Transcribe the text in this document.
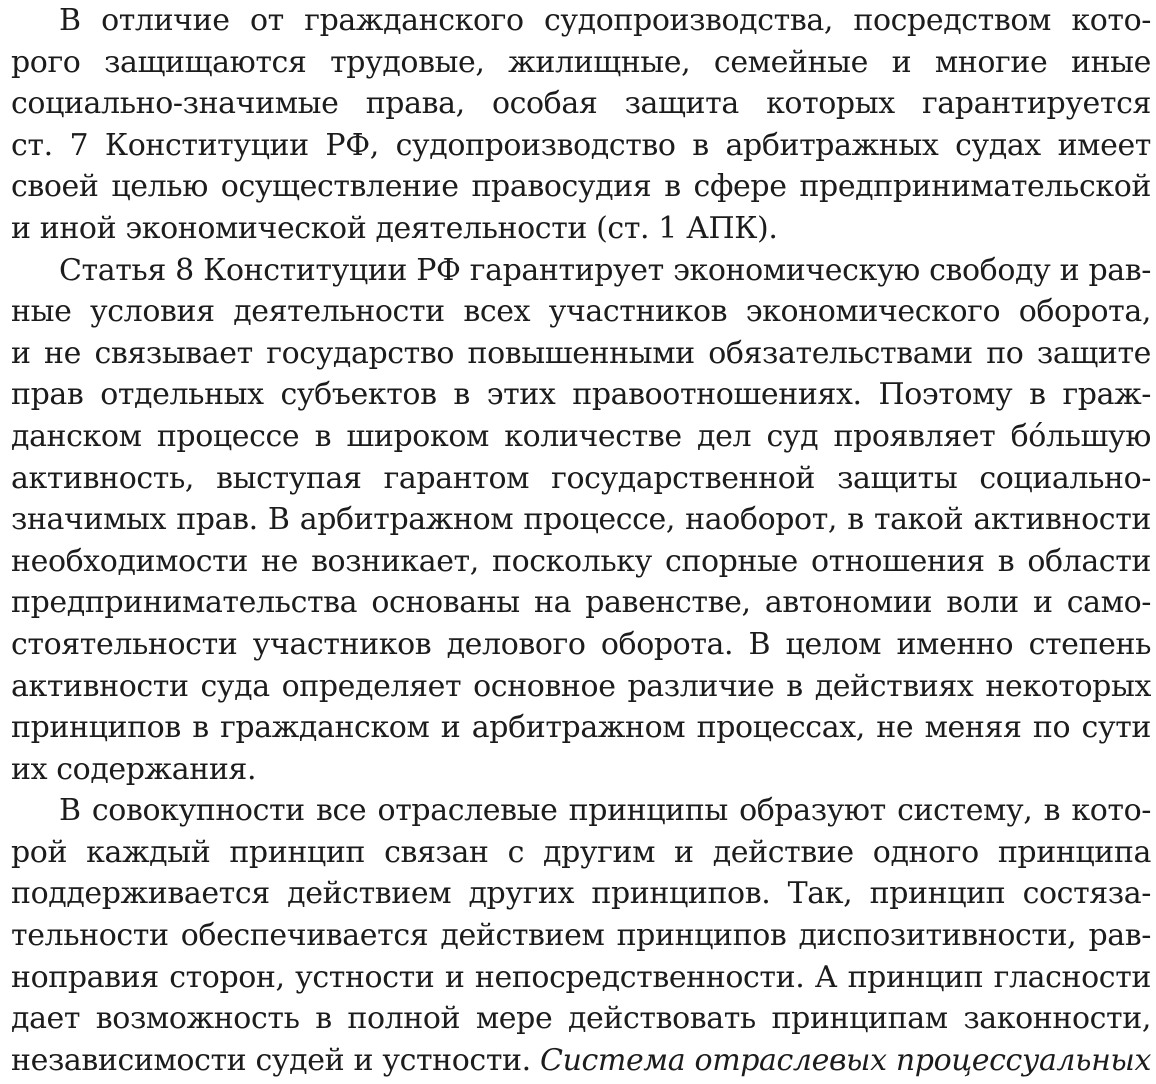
В отличие от гражданского судопроизводства, посредством кото-
рого защищаются трудовые, жилищные, семейные и многие иные
социально-значимые права, особая защита которых гарантируется
ст. 7 Конституции РФ, судопроизводство в арбитражных судах имеет
своей целью осуществление правосудия в сфере предпринимательской
и иной экономической деятельности (ст. 1 АПК).
Статья 8 Конституции РФ гарантирует экономическую свободу и рав-
ные условия деятельности всех участников экономического оборота,
и не связывает государство повышенными обязательствами по защите
прав отдельных субъектов в этих правоотношениях. Поэтому в граж-
данском процессе в широком количестве дел суд проявляет бóльшую
активность, выступая гарантом государственной защиты социально-
значимых прав. В арбитражном процессе, наоборот, в такой активности
необходимости не возникает, поскольку спорные отношения в области
предпринимательства основаны на равенстве, автономии воли и само-
стоятельности участников делового оборота. В целом именно степень
активности суда определяет основное различие в действиях некоторых
принципов в гражданском и арбитражном процессах, не меняя по сути
их содержания.
В совокупности все отраслевые принципы образуют систему, в кото-
рой каждый принцип связан с другим и действие одного принципа
поддерживается действием других принципов. Так, принцип состяза-
тельности обеспечивается действием принципов диспозитивности, рав-
ноправия сторон, устности и непосредственности. А принцип гласности
дает возможность в полной мере действовать принципам законности,
независимости судей и устности. Система отраслевых процессуальных
